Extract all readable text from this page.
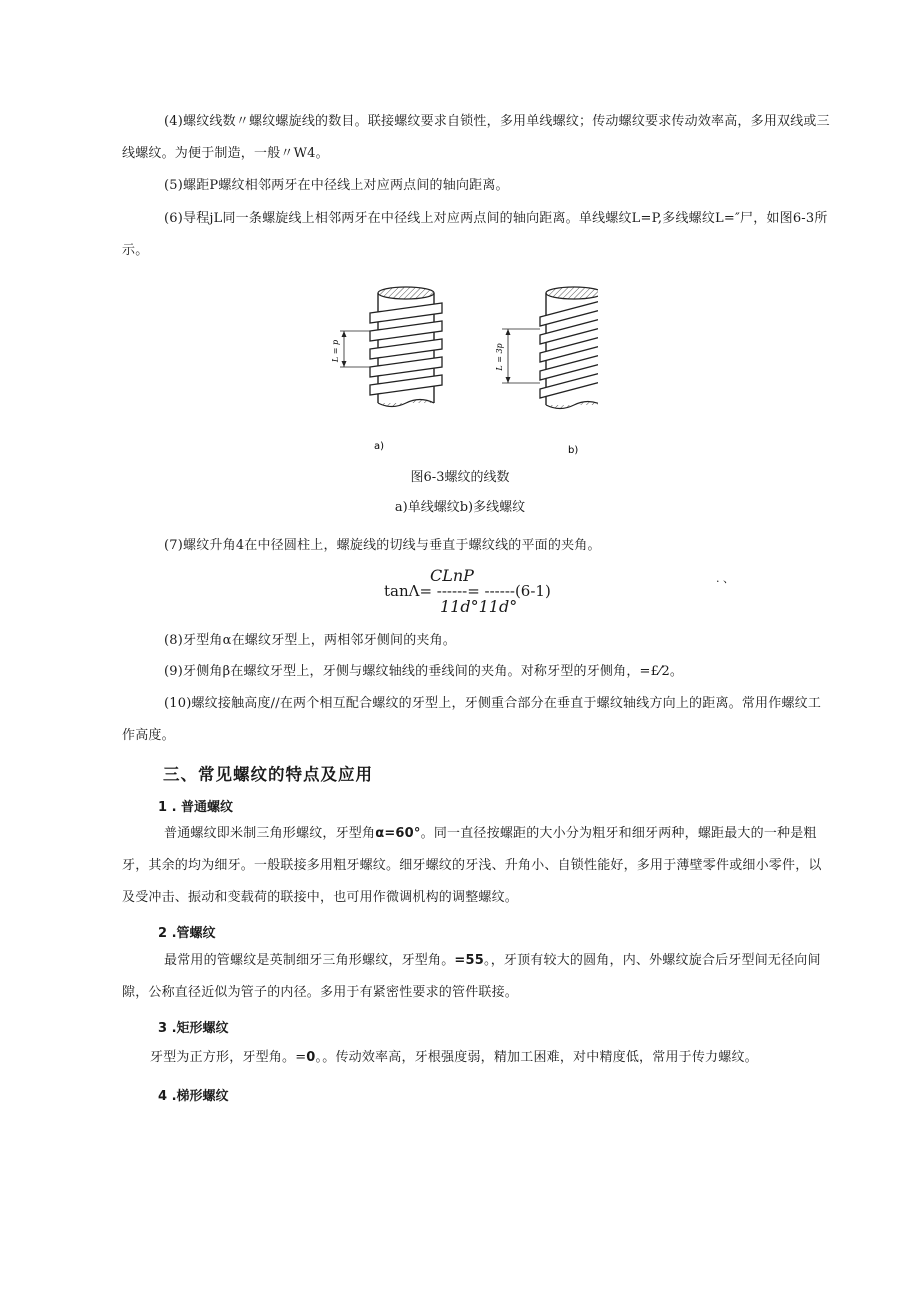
(4)螺纹线数〃螺纹螺旋线的数目。联接螺纹要求自锁性，多用单线螺纹；传动螺纹要求传动效率高，多用双线或三线螺纹。为便于制造，一般〃W4。

(5)螺距P螺纹相邻两牙在中径线上对应两点间的轴向距离。

(6)导程jL同一条螺旋线上相邻两牙在中径线上对应两点间的轴向距离。单线螺纹L=P,多线螺纹L=″尸，如图6-3所示。

L = p
a)
L = 3p
b)

图6-3螺纹的线数

a)单线螺纹b)多线螺纹

(7)螺纹升角4在中径圆柱上，螺旋线的切线与垂直于螺纹线的平面的夹角。

CLnP
tanΛ= ------= ------(6-1)
11d°11d°
. 、

(8)牙型角α在螺纹牙型上，两相邻牙侧间的夹角。

(9)牙侧角β在螺纹牙型上，牙侧与螺纹轴线的垂线间的夹角。对称牙型的牙侧角，=£⁄2。

(10)螺纹接触高度//在两个相互配合螺纹的牙型上，牙侧重合部分在垂直于螺纹轴线方向上的距离。常用作螺纹工作高度。

三、常见螺纹的特点及应用
1 . 普通螺纹

普通螺纹即米制三角形螺纹，牙型角α=60°。同一直径按螺距的大小分为粗牙和细牙两种，螺距最大的一种是粗牙，其余的均为细牙。一般联接多用粗牙螺纹。细牙螺纹的牙浅、升角小、自锁性能好，多用于薄壁零件或细小零件，以及受冲击、振动和变载荷的联接中，也可用作微调机构的调整螺纹。

2 .管螺纹

最常用的管螺纹是英制细牙三角形螺纹，牙型角。=55。，牙顶有较大的圆角，内、外螺纹旋合后牙型间无径向间隙，公称直径近似为管子的内径。多用于有紧密性要求的管件联接。

3 .矩形螺纹

牙型为正方形，牙型角。=0。。传动效率高，牙根强度弱，精加工困难，对中精度低，常用于传力螺纹。

4 .梯形螺纹
